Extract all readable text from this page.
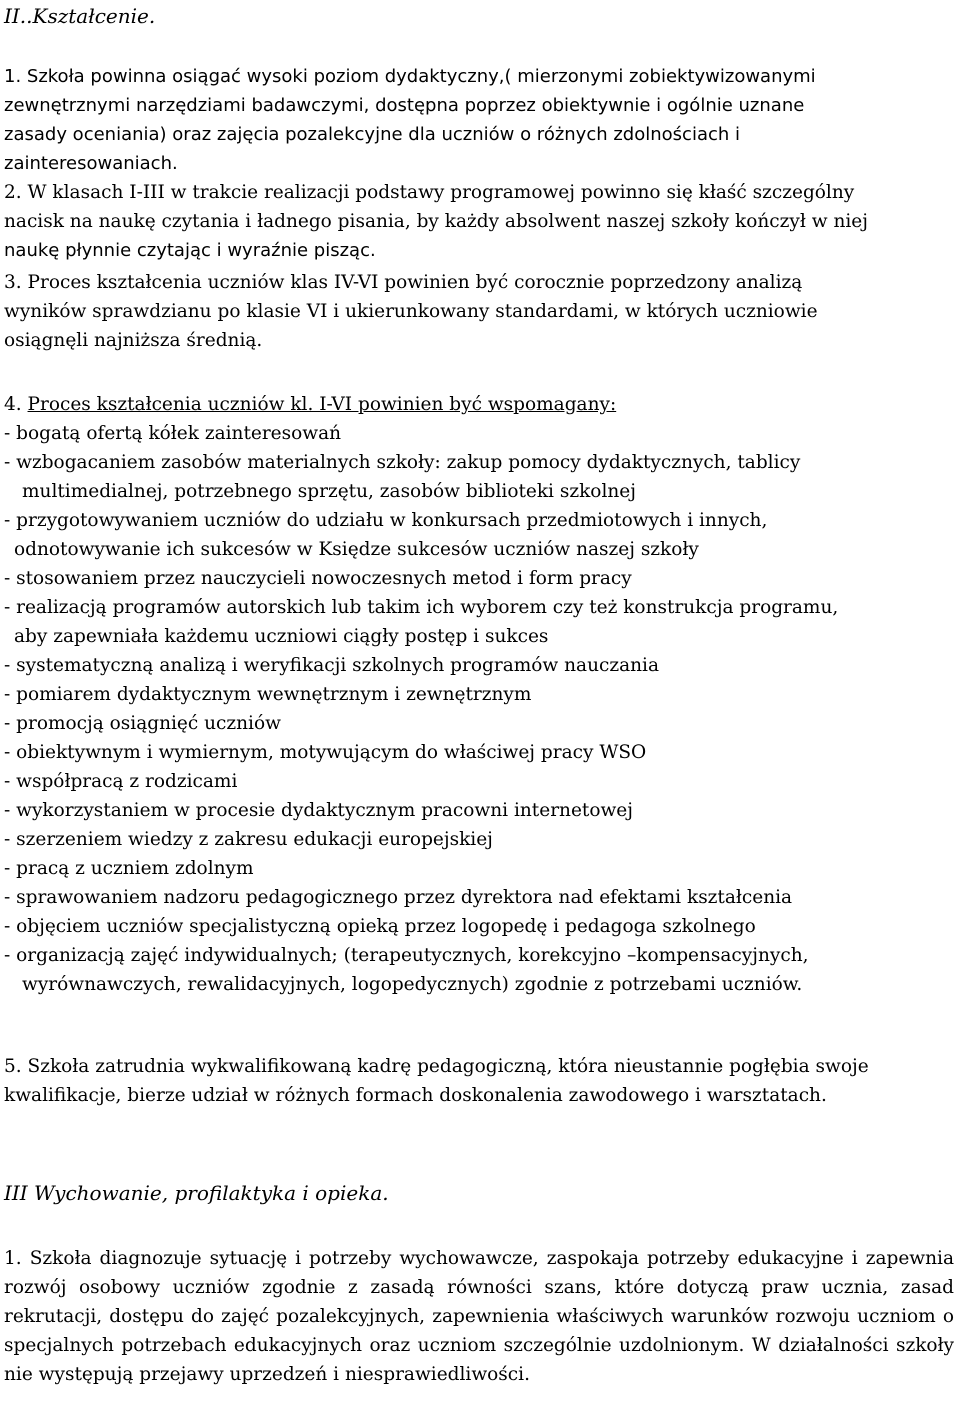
II..Kształcenie.

1. Szkoła powinna osiągać wysoki poziom dydaktyczny,( mierzonymi zobiektywizowanymi

zewnętrznymi narzędziami badawczymi, dostępna poprzez obiektywnie i ogólnie uznane

zasady oceniania) oraz zajęcia pozalekcyjne dla uczniów o różnych zdolnościach i

zainteresowaniach.

2. W klasach I-III w trakcie realizacji podstawy programowej powinno się kłaść szczególny

nacisk na naukę czytania i ładnego pisania, by każdy absolwent naszej szkoły kończył w niej

naukę płynnie czytając i wyraźnie pisząc.

3. Proces kształcenia uczniów klas IV-VI powinien być corocznie poprzedzony analizą

wyników sprawdzianu po klasie VI i ukierunkowany standardami, w których uczniowie

osiągnęli najniższa średnią.

4. Proces kształcenia uczniów kl. I-VI powinien być wspomagany:

- bogatą ofertą kółek zainteresowań
- wzbogacaniem zasobów materialnych szkoły: zakup pomocy dydaktycznych, tablicy
multimedialnej, potrzebnego sprzętu, zasobów biblioteki szkolnej
- przygotowywaniem uczniów do udziału w konkursach przedmiotowych i innych,
odnotowywanie ich sukcesów w Księdze sukcesów uczniów naszej szkoły
- stosowaniem przez nauczycieli nowoczesnych metod i form pracy
- realizacją programów autorskich lub takim ich wyborem czy też konstrukcja programu,
aby zapewniała każdemu uczniowi ciągły postęp i sukces
- systematyczną analizą i weryfikacji szkolnych programów nauczania
- pomiarem dydaktycznym wewnętrznym i zewnętrznym
- promocją osiągnięć uczniów
- obiektywnym i wymiernym, motywującym do właściwej pracy WSO
- współpracą z rodzicami
- wykorzystaniem w procesie dydaktycznym pracowni internetowej
- szerzeniem wiedzy z zakresu edukacji europejskiej
- pracą z uczniem zdolnym
- sprawowaniem nadzoru pedagogicznego przez dyrektora nad efektami kształcenia
- objęciem uczniów specjalistyczną opieką przez logopedę i pedagoga szkolnego
- organizacją zajęć indywidualnych; (terapeutycznych, korekcyjno –kompensacyjnych,
wyrównawczych, rewalidacyjnych, logopedycznych) zgodnie z potrzebami uczniów.

5. Szkoła zatrudnia wykwalifikowaną kadrę pedagogiczną, która nieustannie pogłębia swoje

kwalifikacje, bierze udział w różnych formach doskonalenia zawodowego i warsztatach.

III Wychowanie, profilaktyka i opieka.

1. Szkoła diagnozuje sytuację i potrzeby wychowawcze, zaspokaja potrzeby edukacyjne i zapewnia rozwój osobowy uczniów zgodnie z zasadą równości szans, które dotyczą praw ucznia, zasad rekrutacji, dostępu do zajęć pozalekcyjnych, zapewnienia właściwych warunków rozwoju uczniom o specjalnych potrzebach edukacyjnych oraz uczniom szczególnie uzdolnionym. W działalności szkoły nie występują przejawy uprzedzeń i niesprawiedliwości.
